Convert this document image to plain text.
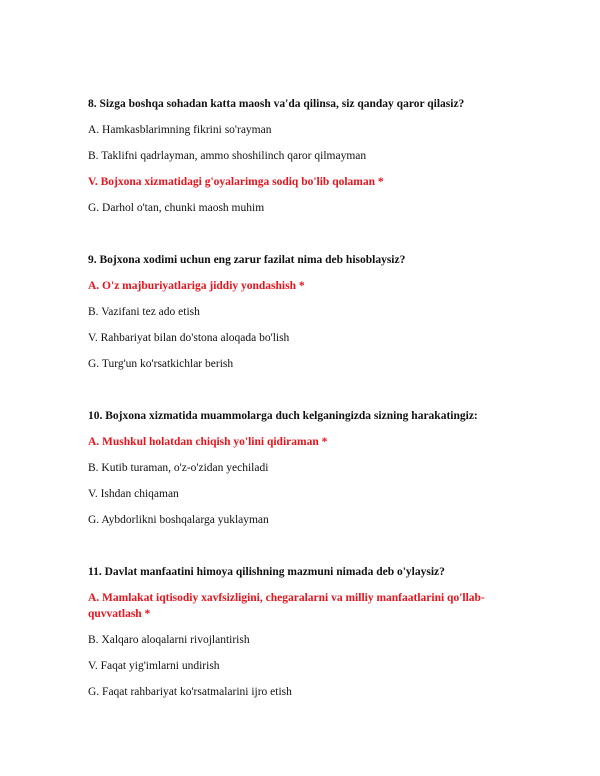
8. Sizga boshqa sohadan katta maosh va'da qilinsa, siz qanday qaror qilasiz?
A. Hamkasblarimning fikrini so'rayman
B. Taklifni qadrlayman, ammo shoshilinch qaror qilmayman
V. Bojxona xizmatidagi g'oyalarimga sodiq bo'lib qolaman *
G. Darhol o'tan, chunki maosh muhim
9. Bojxona xodimi uchun eng zarur fazilat nima deb hisoblaysiz?
A. O'z majburiyatlariga jiddiy yondashish *
B. Vazifani tez ado etish
V. Rahbariyat bilan do'stona aloqada bo'lish
G. Turg'un ko'rsatkichlar berish
10. Bojxona xizmatida muammolarga duch kelganingizda sizning harakatingiz:
A. Mushkul holatdan chiqish yo'lini qidiraman *
B. Kutib turaman, o'z-o'zidan yechiladi
V. Ishdan chiqaman
G. Aybdorlikni boshqalarga yuklayman
11. Davlat manfaatini himoya qilishning mazmuni nimada deb o'ylaysiz?
A. Mamlakat iqtisodiy xavfsizligini, chegaralarni va milliy manfaatlarini qo'llab-quvvatlash *
B. Xalqaro aloqalarni rivojlantirish
V. Faqat yig'imlarni undirish
G. Faqat rahbariyat ko'rsatmalarini ijro etish
